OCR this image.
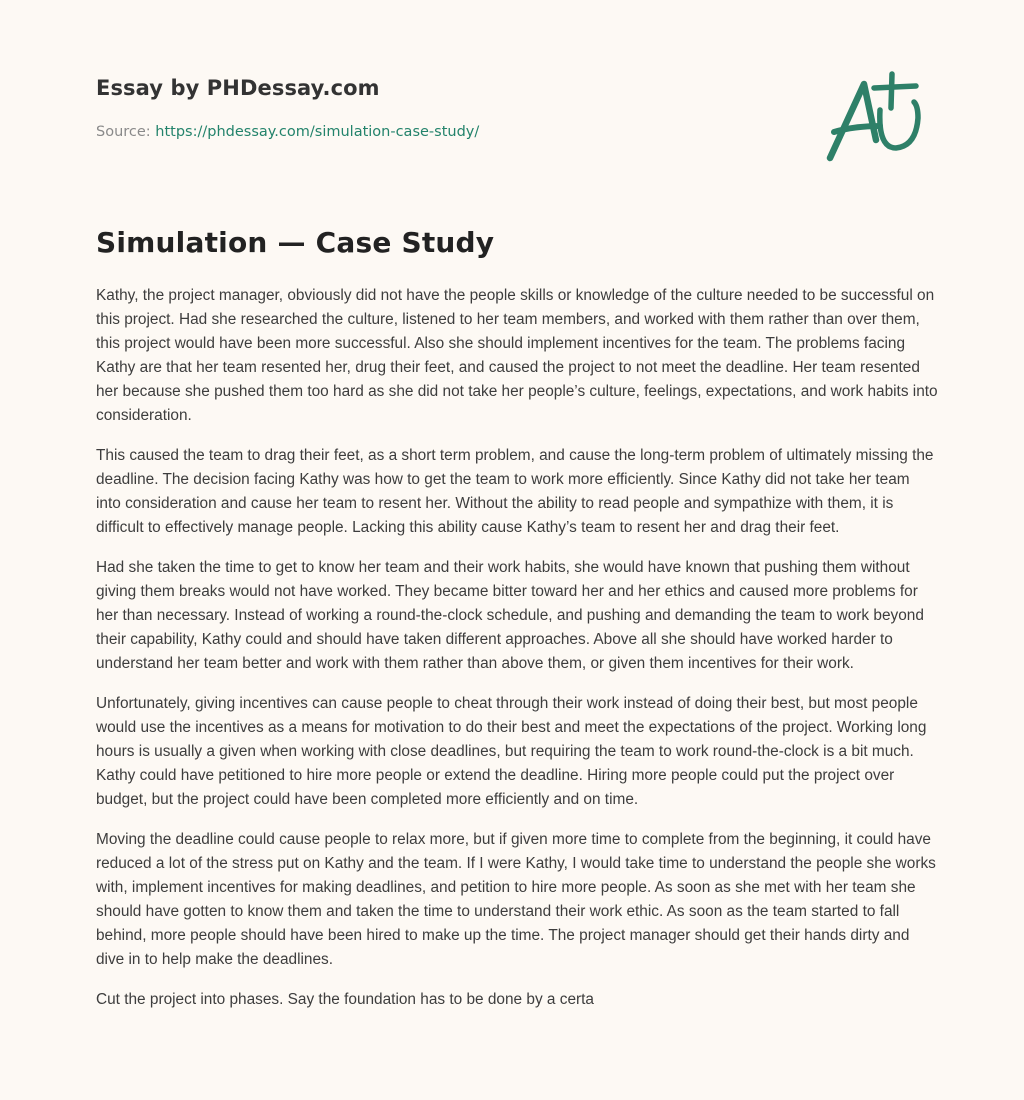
Essay by PHDessay.com
Source: https://phdessay.com/simulation-case-study/
Simulation — Case Study

Kathy, the project manager, obviously did not have the people skills or knowledge of the culture needed to be successful on this project. Had she researched the culture, listened to her team members, and worked with them rather than over them, this project would have been more successful. Also she should implement incentives for the team. The problems facing Kathy are that her team resented her, drug their feet, and caused the project to not meet the deadline. Her team resented her because she pushed them too hard as she did not take her people’s culture, feelings, expectations, and work habits into consideration.

This caused the team to drag their feet, as a short term problem, and cause the long-term problem of ultimately missing the deadline. The decision facing Kathy was how to get the team to work more efficiently. Since Kathy did not take her team into consideration and cause her team to resent her. Without the ability to read people and sympathize with them, it is difficult to effectively manage people. Lacking this ability cause Kathy’s team to resent her and drag their feet.

Had she taken the time to get to know her team and their work habits, she would have known that pushing them without giving them breaks would not have worked. They became bitter toward her and her ethics and caused more problems for her than necessary. Instead of working a round-the-clock schedule, and pushing and demanding the team to work beyond their capability, Kathy could and should have taken different approaches. Above all she should have worked harder to understand her team better and work with them rather than above them, or given them incentives for their work.

Unfortunately, giving incentives can cause people to cheat through their work instead of doing their best, but most people would use the incentives as a means for motivation to do their best and meet the expectations of the project. Working long hours is usually a given when working with close deadlines, but requiring the team to work round-the-clock is a bit much. Kathy could have petitioned to hire more people or extend the deadline. Hiring more people could put the project over budget, but the project could have been completed more efficiently and on time.

Moving the deadline could cause people to relax more, but if given more time to complete from the beginning, it could have reduced a lot of the stress put on Kathy and the team. If I were Kathy, I would take time to understand the people she works with, implement incentives for making deadlines, and petition to hire more people. As soon as she met with her team she should have gotten to know them and taken the time to understand their work ethic. As soon as the team started to fall behind, more people should have been hired to make up the time. The project manager should get their hands dirty and dive in to help make the deadlines.

Cut the project into phases. Say the foundation has to be done by a certa
